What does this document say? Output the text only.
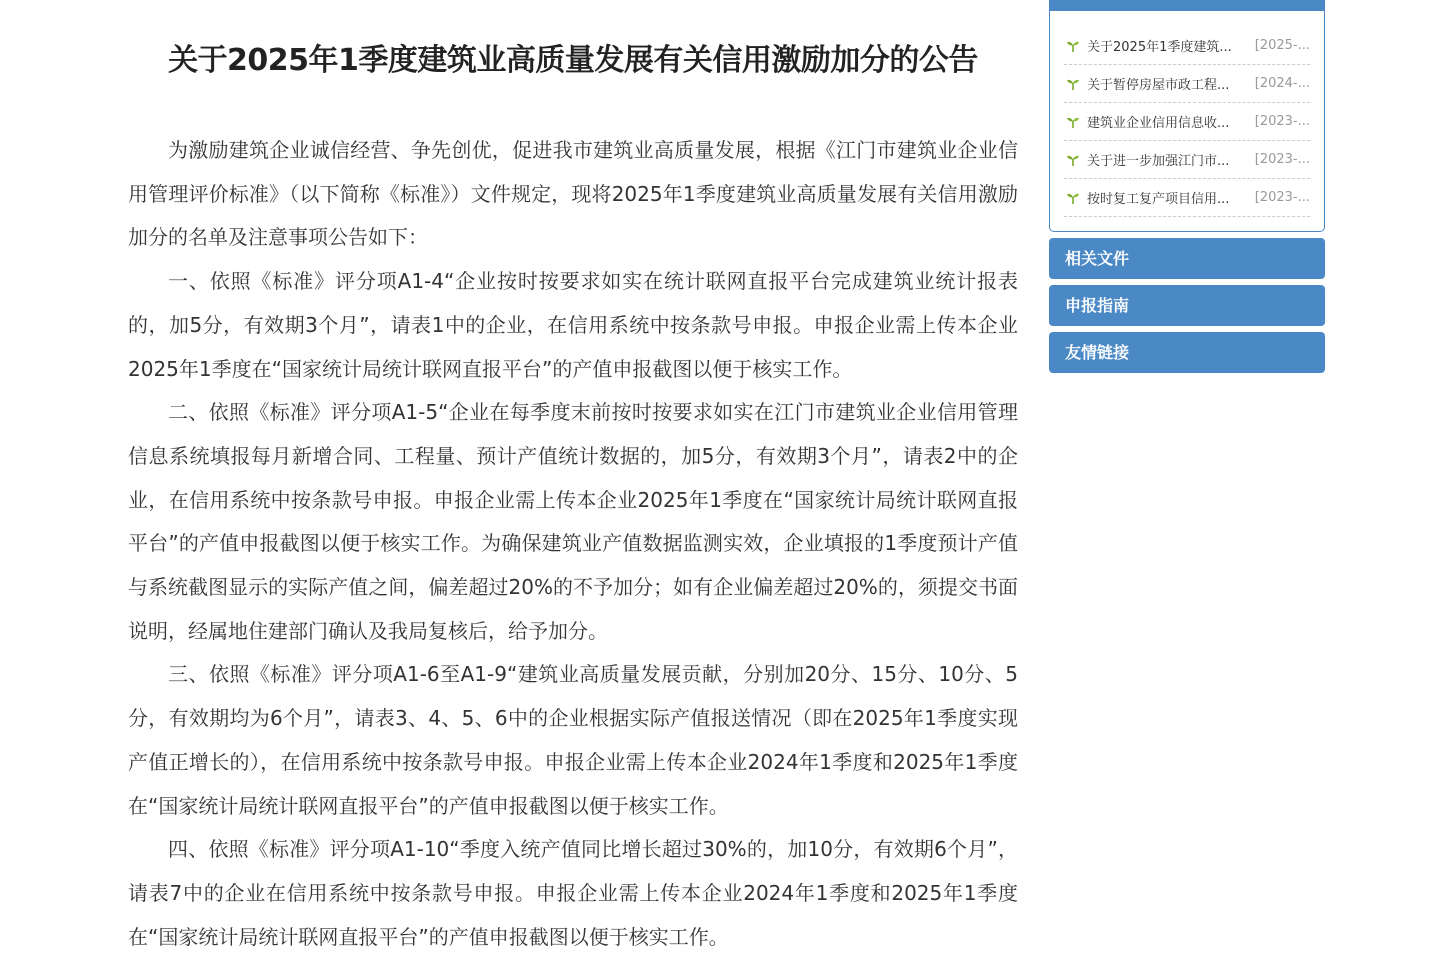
关于2025年1季度建筑业高质量发展有关信用激励加分的公告

为激励建筑企业诚信经营、争先创优，促进我市建筑业高质量发展，根据《江门市建筑业企业信用管理评价标准》（以下简称《标准》）文件规定，现将2025年1季度建筑业高质量发展有关信用激励加分的名单及注意事项公告如下：

一、依照《标准》评分项A1-4“企业按时按要求如实在统计联网直报平台完成建筑业统计报表的，加5分，有效期3个月”，请表1中的企业，在信用系统中按条款号申报。申报企业需上传本企业2025年1季度在“国家统计局统计联网直报平台”的产值申报截图以便于核实工作。

二、依照《标准》评分项A1-5“企业在每季度末前按时按要求如实在江门市建筑业企业信用管理信息系统填报每月新增合同、工程量、预计产值统计数据的，加5分，有效期3个月”，请表2中的企业，在信用系统中按条款号申报。申报企业需上传本企业2025年1季度在“国家统计局统计联网直报平台”的产值申报截图以便于核实工作。为确保建筑业产值数据监测实效，企业填报的1季度预计产值与系统截图显示的实际产值之间，偏差超过20%的不予加分；如有企业偏差超过20%的，须提交书面说明，经属地住建部门确认及我局复核后，给予加分。

三、依照《标准》评分项A1-6至A1-9“建筑业高质量发展贡献，分别加20分、15分、10分、5分，有效期均为6个月”，请表3、4、5、6中的企业根据实际产值报送情况（即在2025年1季度实现产值正增长的），在信用系统中按条款号申报。申报企业需上传本企业2024年1季度和2025年1季度在“国家统计局统计联网直报平台”的产值申报截图以便于核实工作。

四、依照《标准》评分项A1-10“季度入统产值同比增长超过30%的，加10分，有效期6个月”，请表7中的企业在信用系统中按条款号申报。申报企业需上传本企业2024年1季度和2025年1季度在“国家统计局统计联网直报平台”的产值申报截图以便于核实工作。

关于2025年1季度建筑...	[2025-...
关于暂停房屋市政工程...	[2024-...
建筑业企业信用信息收...	[2023-...
关于进一步加强江门市...	[2023-...
按时复工复产项目信用...	[2023-...
相关文件
申报指南
友情链接
